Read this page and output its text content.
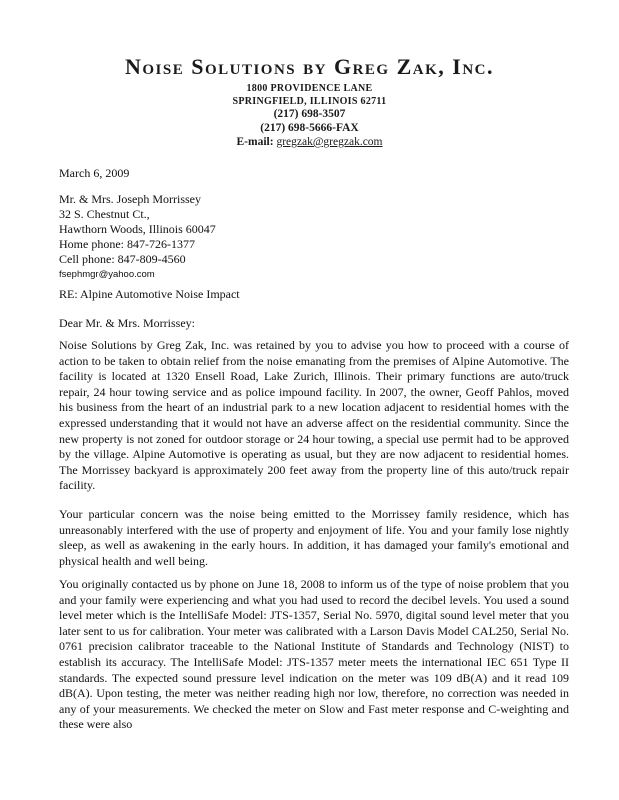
Noise Solutions by Greg Zak, Inc.
1800 PROVIDENCE LANE
SPRINGFIELD, ILLINOIS 62711
(217) 698-3507
(217) 698-5666-FAX
E-mail: gregzak@gregzak.com
March 6, 2009
Mr. & Mrs. Joseph Morrissey
32 S. Chestnut Ct.,
Hawthorn Woods, Illinois 60047
Home phone: 847-726-1377
Cell phone: 847-809-4560
fsephmgr@yahoo.com
RE: Alpine Automotive Noise Impact
Dear Mr. & Mrs. Morrissey:

Noise Solutions by Greg Zak, Inc. was retained by you to advise you how to proceed with a course of action to be taken to obtain relief from the noise emanating from the premises of Alpine Automotive. The facility is located at 1320 Ensell Road, Lake Zurich, Illinois. Their primary functions are auto/truck repair, 24 hour towing service and as police impound facility. In 2007, the owner, Geoff Pahlos, moved his business from the heart of an industrial park to a new location adjacent to residential homes with the expressed understanding that it would not have an adverse affect on the residential community. Since the new property is not zoned for outdoor storage or 24 hour towing, a special use permit had to be approved by the village. Alpine Automotive is operating as usual, but they are now adjacent to residential homes. The Morrissey backyard is approximately 200 feet away from the property line of this auto/truck repair facility.

Your particular concern was the noise being emitted to the Morrissey family residence, which has unreasonably interfered with the use of property and enjoyment of life. You and your family lose nightly sleep, as well as awakening in the early hours. In addition, it has damaged your family's emotional and physical health and well being.

You originally contacted us by phone on June 18, 2008 to inform us of the type of noise problem that you and your family were experiencing and what you had used to record the decibel levels. You used a sound level meter which is the IntelliSafe Model: JTS-1357, Serial No. 5970, digital sound level meter that you later sent to us for calibration. Your meter was calibrated with a Larson Davis Model CAL250, Serial No. 0761 precision calibrator traceable to the National Institute of Standards and Technology (NIST) to establish its accuracy. The IntelliSafe Model: JTS-1357 meter meets the international IEC 651 Type II standards. The expected sound pressure level indication on the meter was 109 dB(A) and it read 109 dB(A). Upon testing, the meter was neither reading high nor low, therefore, no correction was needed in any of your measurements. We checked the meter on Slow and Fast meter response and C-weighting and these were also
